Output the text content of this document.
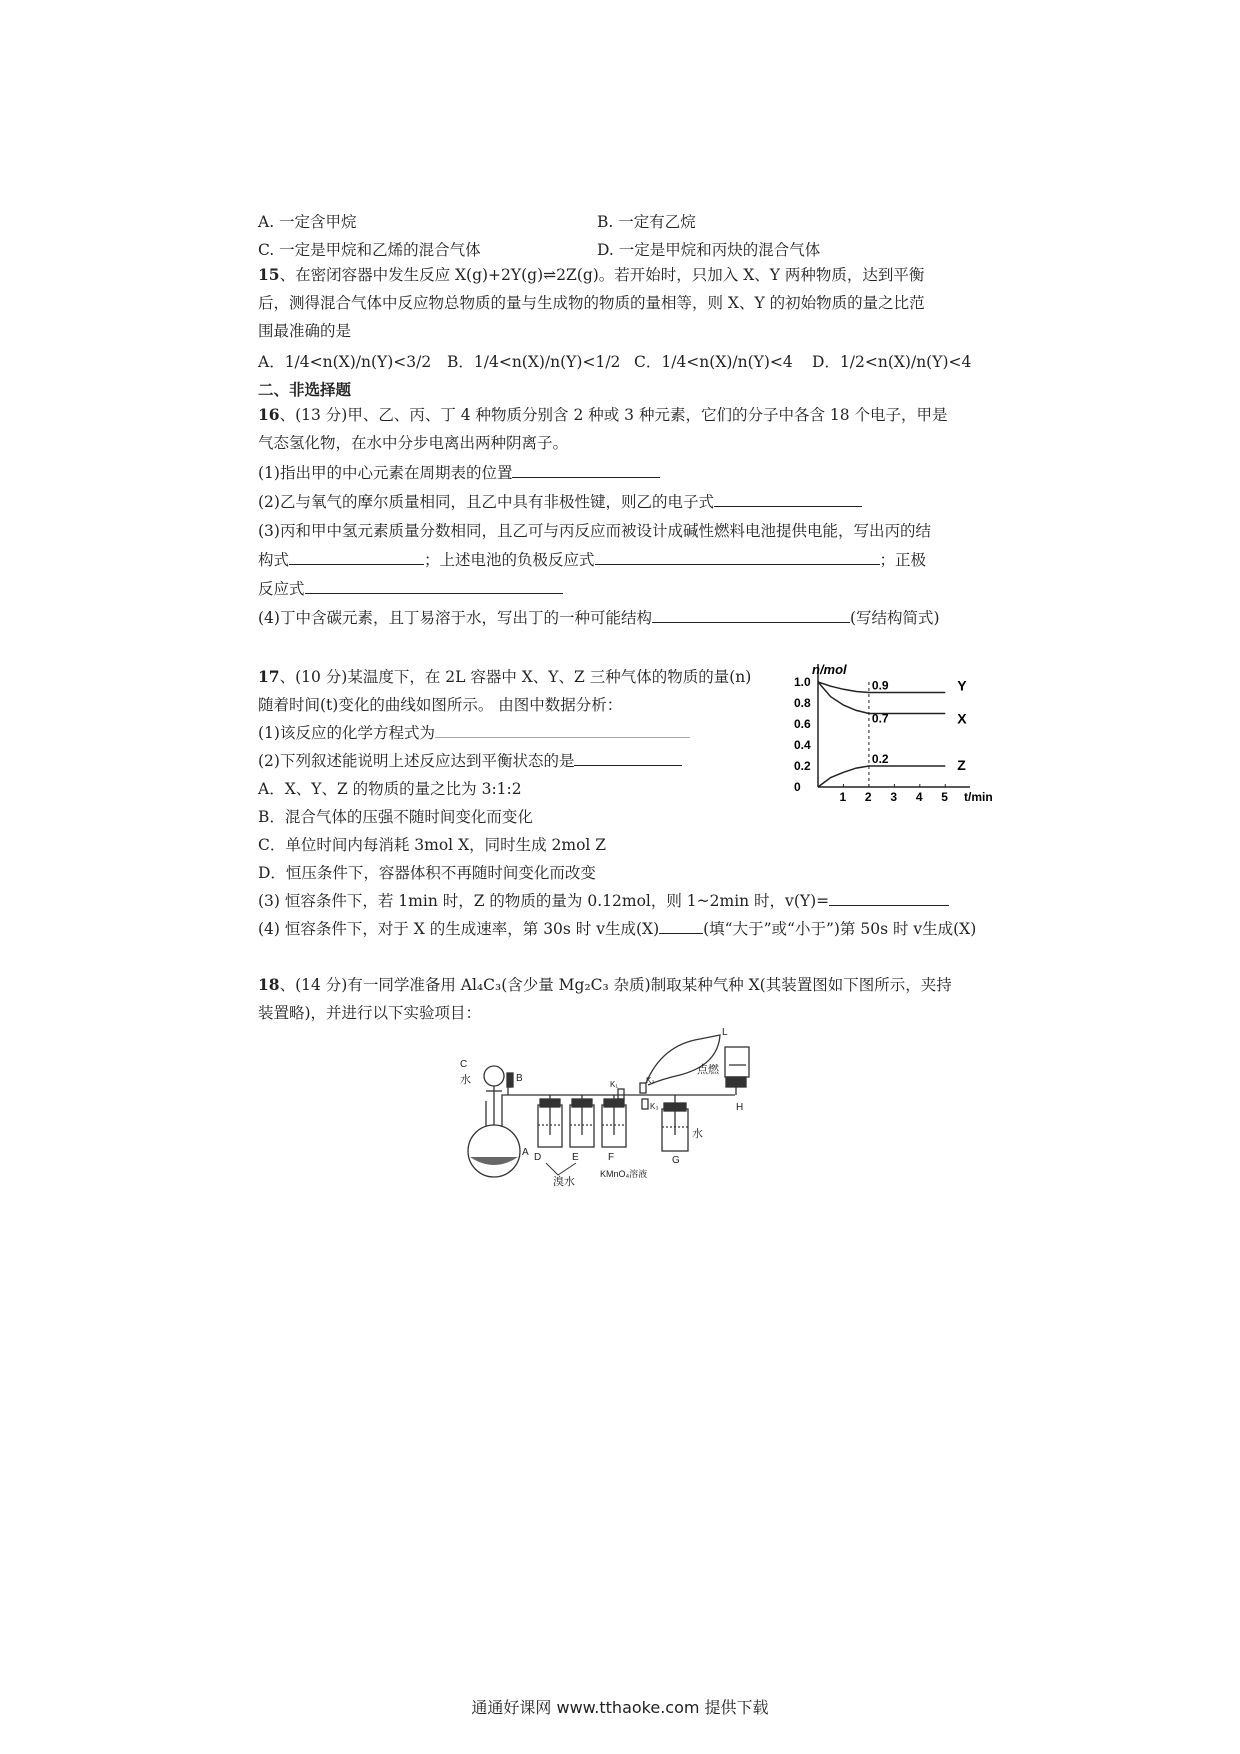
A. 一定含甲烷	B. 一定有乙烷
C. 一定是甲烷和乙烯的混合气体	D. 一定是甲烷和丙炔的混合气体
15、在密闭容器中发生反应 X(g)+2Y(g)⇌2Z(g)。若开始时，只加入 X、Y 两种物质，达到平衡
后，测得混合气体中反应物总物质的量与生成物的物质的量相等，则 X、Y 的初始物质的量之比范
围最准确的是
A．1/4<n(X)/n(Y)<3/2 B．1/4<n(X)/n(Y)<1/2 C．1/4<n(X)/n(Y)<4 D．1/2<n(X)/n(Y)<4
二、非选择题
16、(13 分)甲、乙、丙、丁 4 种物质分别含 2 种或 3 种元素，它们的分子中各含 18 个电子，甲是
气态氢化物，在水中分步电离出两种阴离子。
(1)指出甲的中心元素在周期表的位置
(2)乙与氧气的摩尔质量相同，且乙中具有非极性键，则乙的电子式
(3)丙和甲中氢元素质量分数相同，且乙可与丙反应而被设计成碱性燃料电池提供电能，写出丙的结
构式	；上述电池的负极反应式	；正极
反应式
(4)丁中含碳元素，且丁易溶于水，写出丁的一种可能结构	(写结构简式)
17、(10 分)某温度下，在 2L 容器中 X、Y、Z 三种气体的物质的量(n)
随着时间(t)变化的曲线如图所示。 由图中数据分析：
(1)该反应的化学方程式为
(2)下列叙述能说明上述反应达到平衡状态的是
A．X、Y、Z 的物质的量之比为 3:1:2
B．混合气体的压强不随时间变化而变化
C．单位时间内每消耗 3mol X，同时生成 2mol Z
D．恒压条件下，容器体积不再随时间变化而改变
(3) 恒容条件下，若 1min 时，Z 的物质的量为 0.12mol，则 1~2min 时，v(Y)=
(4) 恒容条件下，对于 X 的生成速率，第 30s 时 v生成(X)	(填“大于”或“小于”)第 50s 时 v生成(X)
n/mol
t/min
1.0
0.8
0.6
0.4
0.2
0
1 2 3 4 5
Y
X
Z
0.9
0.7
0.2
18、(14 分)有一同学准备用 Al₄C₃(含少量 Mg₂C₃ 杂质)制取某种气种 X(其装置图如下图所示，夹持
装置略)，并进行以下实验项目：
C
水	B
A D	E	F	G
H
L
K₁	K₂
K₃
点燃
水
溴水
KMnO₄溶液
通通好课网 www.tthaoke.com 提供下载
